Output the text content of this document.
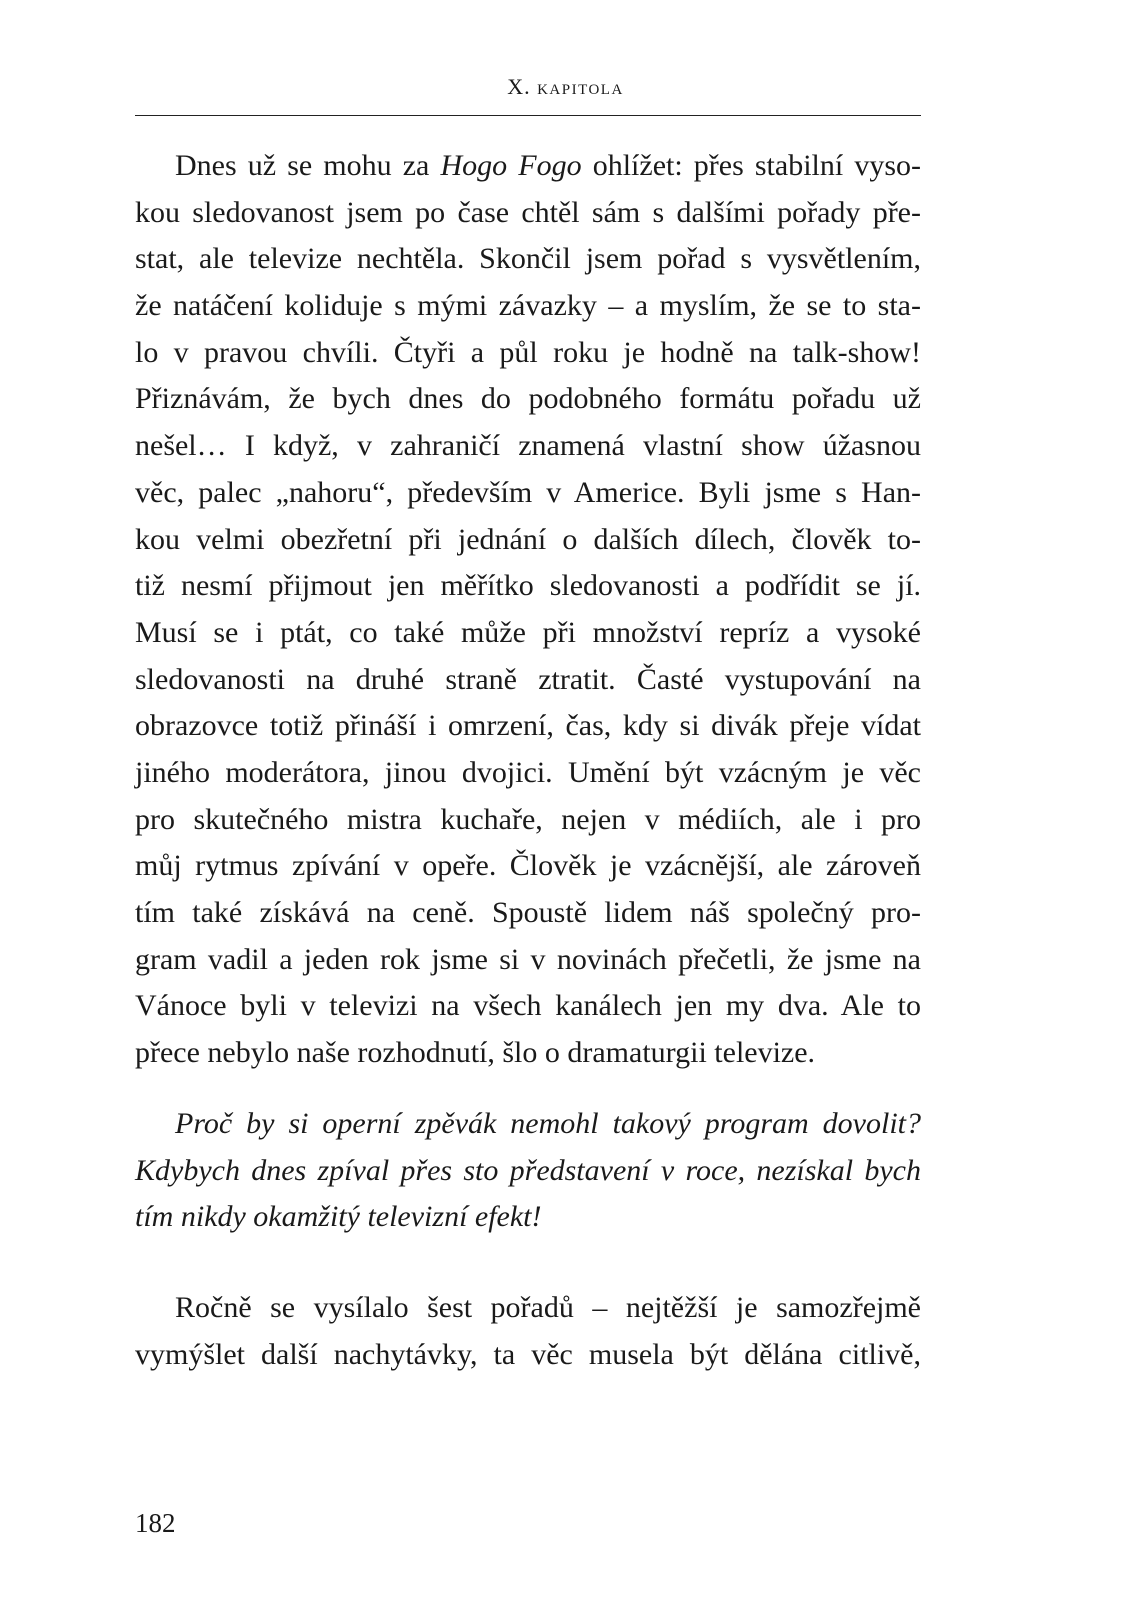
X. kapitola
Dnes už se mohu za Hogo Fogo ohlížet: přes stabilní vyso-
kou sledovanost jsem po čase chtěl sám s dalšími pořady pře-
stat, ale televize nechtěla. Skončil jsem pořad s vysvětlením,
že natáčení koliduje s mými závazky – a myslím, že se to sta-
lo v pravou chvíli. Čtyři a půl roku je hodně na talk-show!
Přiznávám, že bych dnes do podobného formátu pořadu už
nešel… I když, v zahraničí znamená vlastní show úžasnou
věc, palec „nahoru“, především v Americe. Byli jsme s Han-
kou velmi obezřetní při jednání o dalších dílech, člověk to-
tiž nesmí přijmout jen měřítko sledovanosti a podřídit se jí.
Musí se i ptát, co také může při množství repríz a vysoké
sledovanosti na druhé straně ztratit. Časté vystupování na
obrazovce totiž přináší i omrzení, čas, kdy si divák přeje vídat
jiného moderátora, jinou dvojici. Umění být vzácným je věc
pro skutečného mistra kuchaře, nejen v médiích, ale i pro
můj rytmus zpívání v opeře. Člověk je vzácnější, ale zároveň
tím také získává na ceně. Spoustě lidem náš společný pro-
gram vadil a jeden rok jsme si v novinách přečetli, že jsme na
Vánoce byli v televizi na všech kanálech jen my dva. Ale to
přece nebylo naše rozhodnutí, šlo o dramaturgii televize.
Proč by si operní zpěvák nemohl takový program dovolit?
Kdybych dnes zpíval přes sto představení v roce, nezískal bych
tím nikdy okamžitý televizní efekt!
Ročně se vysílalo šest pořadů – nejtěžší je samozřejmě
vymýšlet další nachytávky, ta věc musela být dělána citlivě,
182
